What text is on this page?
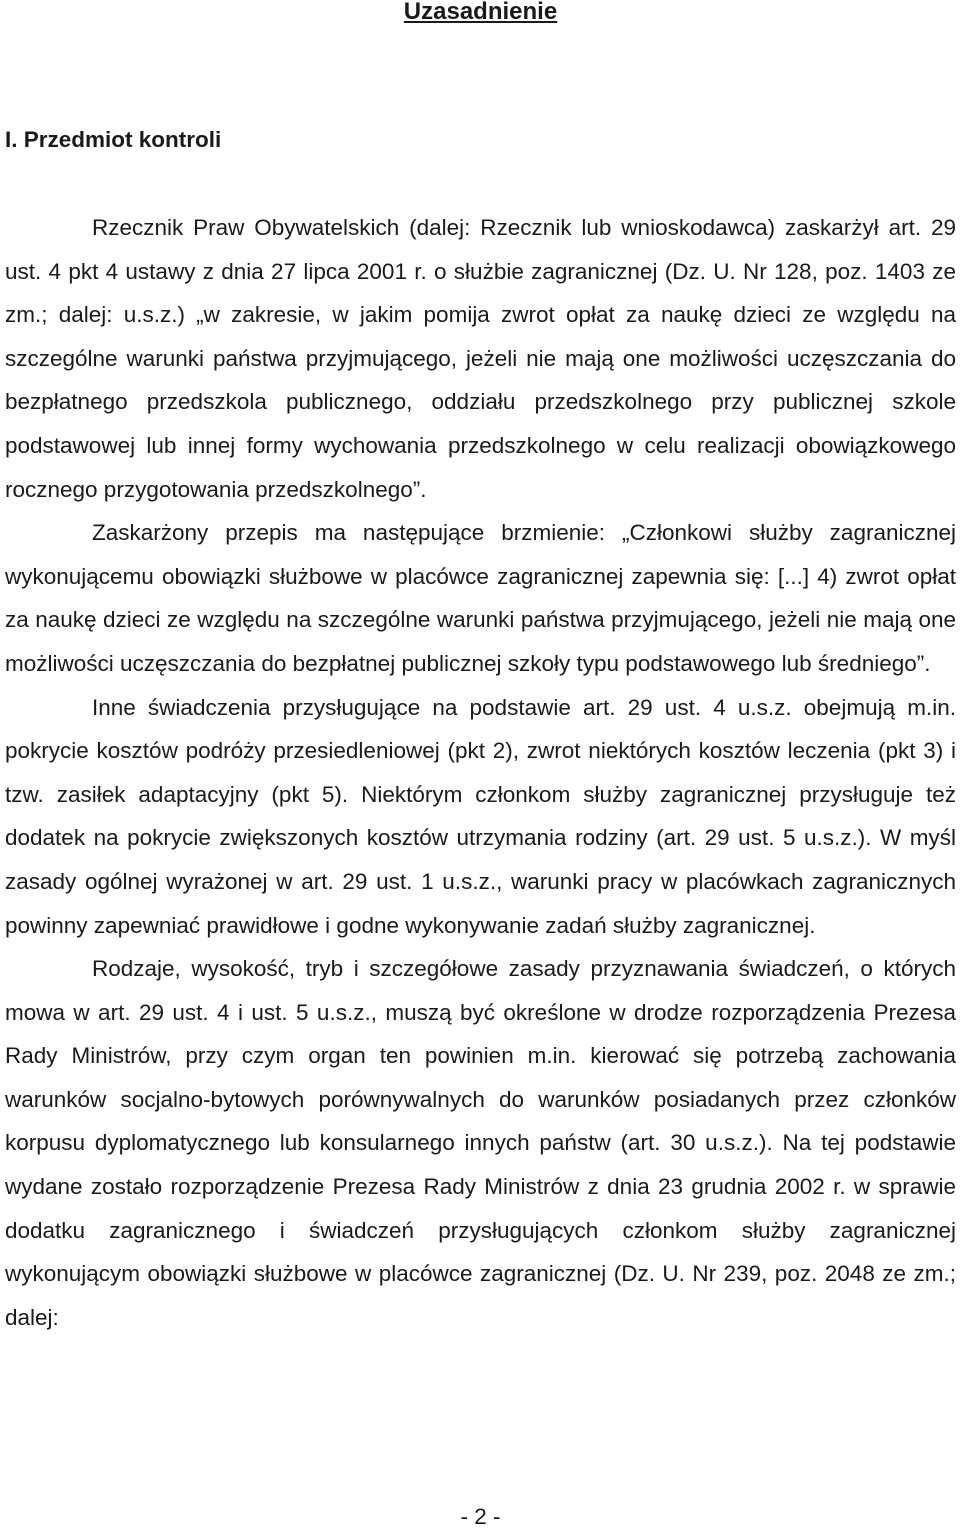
Uzasadnienie
I. Przedmiot kontroli

Rzecznik Praw Obywatelskich (dalej: Rzecznik lub wnioskodawca) zaskarżył art. 29 ust. 4 pkt 4 ustawy z dnia 27 lipca 2001 r. o służbie zagranicznej (Dz. U. Nr 128, poz. 1403 ze zm.; dalej: u.s.z.) „w zakresie, w jakim pomija zwrot opłat za naukę dzieci ze względu na szczególne warunki państwa przyjmującego, jeżeli nie mają one możliwości uczęszczania do bezpłatnego przedszkola publicznego, oddziału przedszkolnego przy publicznej szkole podstawowej lub innej formy wychowania przedszkolnego w celu realizacji obowiązkowego rocznego przygotowania przedszkolnego”.

Zaskarżony przepis ma następujące brzmienie: „Członkowi służby zagranicznej wykonującemu obowiązki służbowe w placówce zagranicznej zapewnia się: [...] 4) zwrot opłat za naukę dzieci ze względu na szczególne warunki państwa przyjmującego, jeżeli nie mają one możliwości uczęszczania do bezpłatnej publicznej szkoły typu podstawowego lub średniego”.

Inne świadczenia przysługujące na podstawie art. 29 ust. 4 u.s.z. obejmują m.in. pokrycie kosztów podróży przesiedleniowej (pkt 2), zwrot niektórych kosztów leczenia (pkt 3) i tzw. zasiłek adaptacyjny (pkt 5). Niektórym członkom służby zagranicznej przysługuje też dodatek na pokrycie zwiększonych kosztów utrzymania rodziny (art. 29 ust. 5 u.s.z.). W myśl zasady ogólnej wyrażonej w art. 29 ust. 1 u.s.z., warunki pracy w placówkach zagranicznych powinny zapewniać prawidłowe i godne wykonywanie zadań służby zagranicznej.

Rodzaje, wysokość, tryb i szczegółowe zasady przyznawania świadczeń, o których mowa w art. 29 ust. 4 i ust. 5 u.s.z., muszą być określone w drodze rozporządzenia Prezesa Rady Ministrów, przy czym organ ten powinien m.in. kierować się potrzebą zachowania warunków socjalno-bytowych porównywalnych do warunków posiadanych przez członków korpusu dyplomatycznego lub konsularnego innych państw (art. 30 u.s.z.). Na tej podstawie wydane zostało rozporządzenie Prezesa Rady Ministrów z dnia 23 grudnia 2002 r. w sprawie dodatku zagranicznego i świadczeń przysługujących członkom służby zagranicznej wykonującym obowiązki służbowe w placówce zagranicznej (Dz. U. Nr 239, poz. 2048 ze zm.; dalej:

- 2 -
